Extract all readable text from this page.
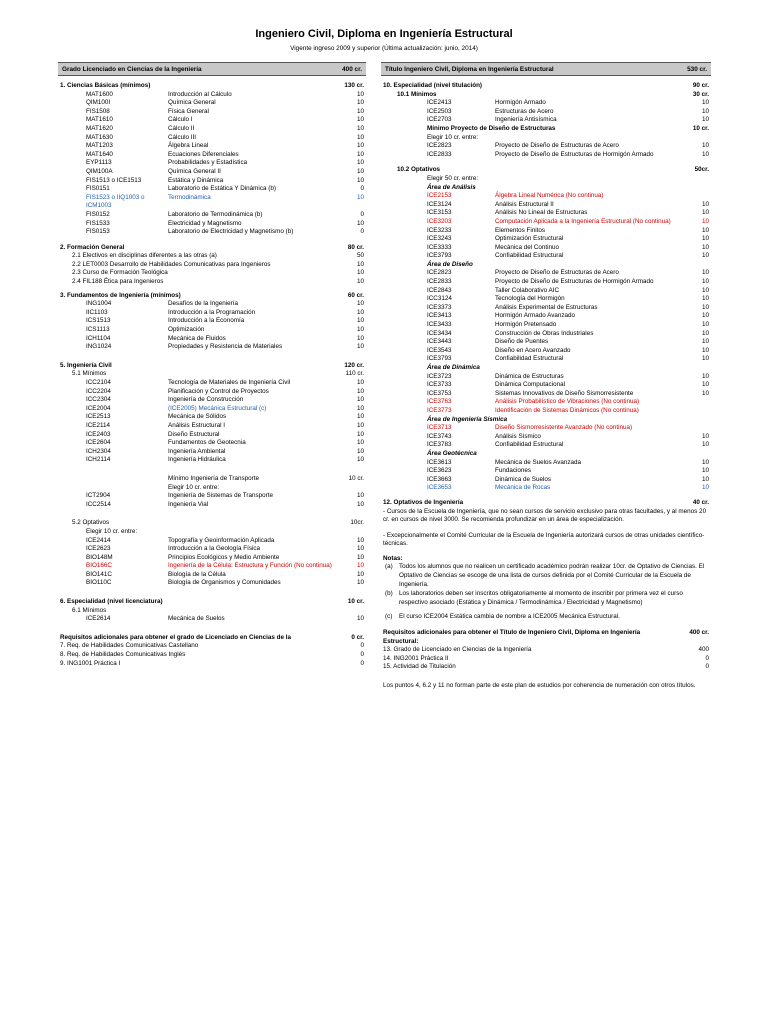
Ingeniero Civil, Diploma en Ingeniería Estructural
Vigente ingreso 2009 y superior (Última actualización: junio, 2014)
Grado Licenciado en Ciencias de la Ingeniería	400 cr.
1. Ciencias Básicas (mínimos)	130 cr.
MAT1600	Introducción al Cálculo	10
QIM100I	Química General	10
FIS1508	Física General	10
MAT1610	Cálculo I	10
MAT1620	Cálculo II	10
MAT1630	Cálculo III	10
MAT1203	Álgebra Lineal	10
MAT1640	Ecuaciones Diferenciales	10
EYP1113	Probabilidades y Estadística	10
QIM100A	Química General II	10
FIS1513 o ICE1513	Estática y Dinámica	10
FIS0151	Laboratorio de Estática Y Dinámica (b)	0
FIS1523 o IIQ1003 o	Termodinámica	10
ICM1003
FIS0152	Laboratorio de Termodinámica (b)	0
FIS1533	Electricidad y Magnetismo	10
FIS0153	Laboratorio de Electricidad y Magnetismo (b)	0
2. Formación General	80 cr.
2.1 Electivos en disciplinas diferentes a las otras (a)	50
2.2 LET0003 Desarrollo de Habilidades Comunicativas para Ingenieros	10
2.3 Curso de Formación Teológica	10
2.4 FIL188 Ética para Ingenieros	10
3. Fundamentos de Ingeniería (mínimos)	60 cr.
ING1004	Desafíos de la Ingeniería	10
IIC1103	Introducción a la Programación	10
ICS1513	Introducción a la Economía	10
ICS1113	Optimización	10
ICH1104	Mecánica de Fluidos	10
ING1024	Propiedades y Resistencia de Materiales	10
5. Ingeniería Civil	120 cr.
5.1 Mínimos	110 cr.
ICC2104	Tecnología de Materiales de Ingeniería Civil	10
ICC2204	Planificación y Control de Proyectos	10
ICC2304	Ingeniería de Construcción	10
ICE2004	(ICE2005) Mecánica Estructural (c)	10
ICE2513	Mecánica de Sólidos	10
ICE2114	Análisis Estructural I	10
ICE2403	Diseño Estructural	10
ICE2604	Fundamentos de Geotecnia	10
ICH2304	Ingeniería Ambiental	10
ICH2114	Ingeniería Hidráulica	10
Mínimo Ingeniería de Transporte	10 cr.
Elegir 10 cr. entre:
ICT2904	Ingeniería de Sistemas de Transporte	10
ICC2514	Ingeniería Vial	10
5.2 Optativos	10cr.
Elegir 10 cr. entre:
ICE2414	Topografía y Geoinformación Aplicada	10
ICE2623	Introducción a la Geología Física	10
BIO148M	Principios Ecológicos y Medio Ambiente	10
BIO166C	Ingeniería de la Célula: Estructura y Función (No continua)	10
BIO141C	Biología de la Célula	10
BIO110C	Biología de Organismos y Comunidades	10
6. Especialidad (nivel licenciatura)	10 cr.
6.1 Mínimos
ICE2614	Mecánica de Suelos	10
Requisitos adicionales para obtener el grado de Licenciado en Ciencias de la	0 cr.
7. Req. de Habilidades Comunicativas Castellano	0
8. Req. de Habilidades Comunicativas Inglés	0
9. ING1001 Práctica I	0
Título Ingeniero Civil, Diploma en Ingeniería Estructural	530 cr.
10. Especialidad (nivel titulación)	90 cr.
10.1 Mínimos	30 cr.
ICE2413	Hormigón Armado	10
ICE2503	Estructuras de Acero	10
ICE2703	Ingeniería Antisísmica	10
Mínimo Proyecto de Diseño de Estructuras	10 cr.
Elegir 10 cr. entre:
ICE2823	Proyecto de Diseño de Estructuras de Acero	10
ICE2833	Proyecto de Diseño de Estructuras de Hormigón Armado	10
10.2 Optativos	50cr.
Elegir 50 cr. entre:
Área de Análisis
ICE2153	Álgebra Lineal Numérica (No continua)
ICE3124	Análisis Estructural II	10
ICE3153	Análisis No Lineal de Estructuras	10
ICE3203	Computación Aplicada a la Ingeniería Estructural (No continua)	10
ICE3233	Elementos Finitos	10
ICE3243	Optimización Estructural	10
ICE3333	Mecánica del Continuo	10
ICE3793	Confiabilidad Estructural	10
Área de Diseño
ICE2823	Proyecto de Diseño de Estructuras de Acero	10
ICE2833	Proyecto de Diseño de Estructuras de Hormigón Armado	10
ICE2843	Taller Colaborativo AIC	10
ICC3124	Tecnología del Hormigón	10
ICE3373	Análisis Experimental de Estructuras	10
ICE3413	Hormigón Armado Avanzado	10
ICE3433	Hormigón Pretensado	10
ICE3434	Construcción de Obras Industriales	10
ICE3443	Diseño de Puentes	10
ICE3543	Diseño en Acero Avanzado	10
ICE3793	Confiabilidad Estructural	10
Área de Dinámica
ICE3723	Dinámica de Estructuras	10
ICE3733	Dinámica Computacional	10
ICE3753	Sistemas Innovativos de Diseño Sismorresistente	10
ICE3763	Análisis Probabilístico de Vibraciones (No continua)
ICE3773	Identificación de Sistemas Dinámicos (No continua)
Área de Ingeniería Sísmica
ICE3713	Diseño Sismorresistente Avanzado (No continua)
ICE3743	Análisis Sísmico	10
ICE3783	Confiabilidad Estructural	10
Área Geotécnica
ICE3613	Mecánica de Suelos Avanzada	10
ICE3623	Fundaciones	10
ICE3663	Dinámica de Suelos	10
ICE3653	Mecánica de Rocas	10
12. Optativos de Ingeniería	40 cr.
- Cursos de la Escuela de Ingeniería, que no sean cursos de servicio exclusivo para otras facultades, y al menos 20 cr. en cursos de nivel 3000. Se recomienda profundizar en un área de especialización.
- Excepcionalmente el Comité Curricular de la Escuela de Ingeniería autorizará cursos de otras unidades científico-técnicas.
Notas:
(a) Todos los alumnos que no realicen un certificado académico podrán realizar 10cr. de Optativo de Ciencias. El Optativo de Ciencias se escoge de una lista de cursos definida por el Comité Curricular de la Escuela de Ingeniería.
(b) Los laboratorios deben ser inscritos obligatoriamente al momento de inscribir por primera vez el curso respectivo asociado (Estática y Dinámica / Termodinámica / Electricidad y Magnetismo)
(c)	El curso ICE2004 Estática cambia de nombre a ICE2005 Mecánica Estructural.
Requisitos adicionales para obtener el Título de Ingeniero Civil, Diploma en Ingeniería	400 cr.
Estructural:
13. Grado de Licenciado en Ciencias de la Ingeniería	400
14. ING2001 Práctica II	0
15. Actividad de Titulación	0
Los puntos 4, 6.2 y 11 no forman parte de este plan de estudios por coherencia de numeración con otros títulos.
